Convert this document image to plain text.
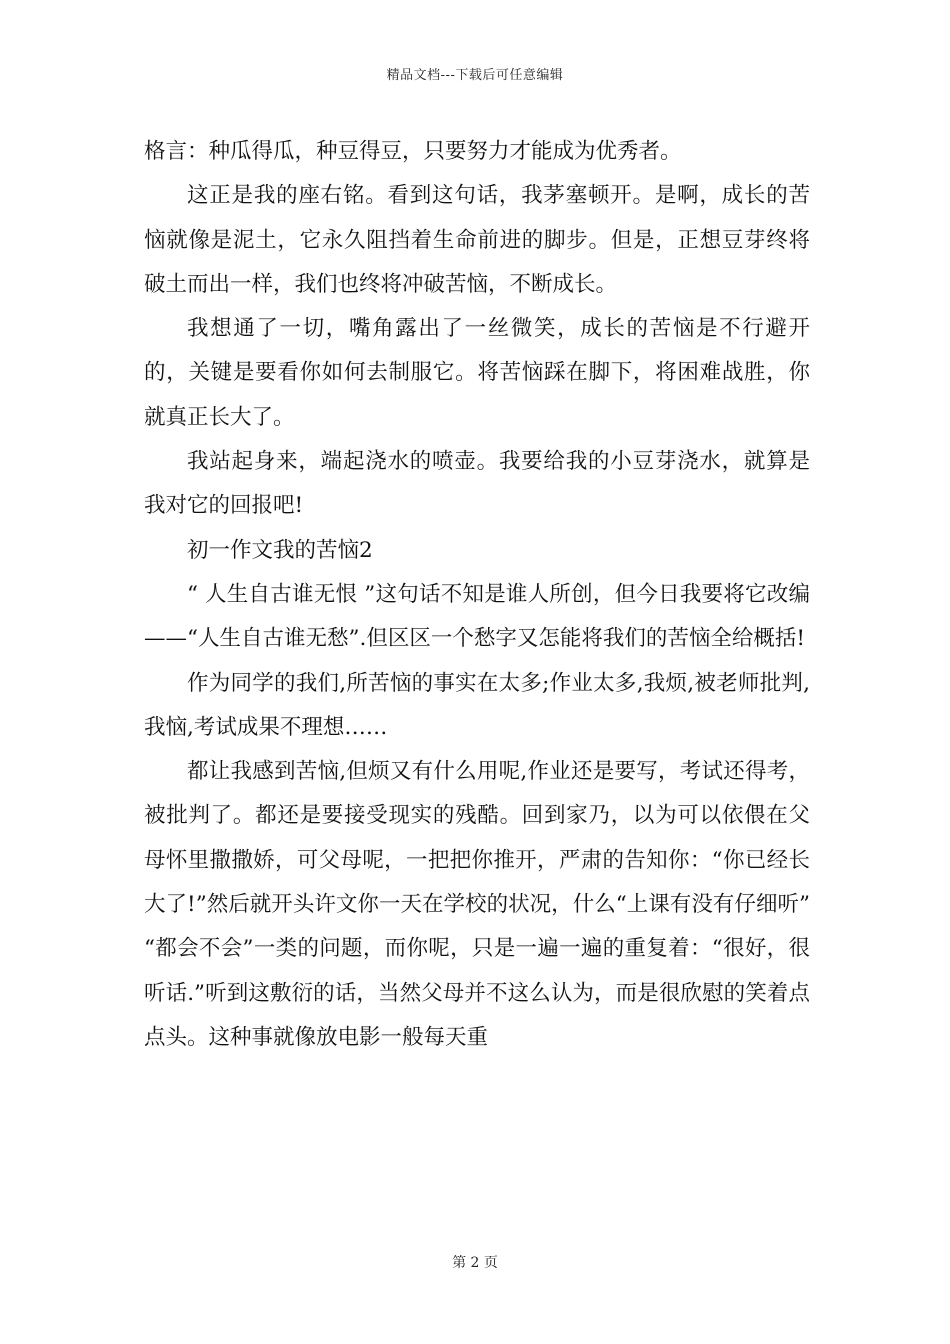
精品文档---下载后可任意编辑

格言：种瓜得瓜，种豆得豆，只要努力才能成为优秀者。

这正是我的座右铭。看到这句话，我茅塞顿开。是啊，成长的苦恼就像是泥土，它永久阻挡着生命前进的脚步。但是，正想豆芽终将破土而出一样，我们也终将冲破苦恼，不断成长。

我想通了一切，嘴角露出了一丝微笑，成长的苦恼是不行避开的，关键是要看你如何去制服它。将苦恼踩在脚下，将困难战胜，你就真正长大了。

我站起身来，端起浇水的喷壶。我要给我的小豆芽浇水，就算是我对它的回报吧!

初一作文我的苦恼2

“ 人生自古谁无恨 ”这句话不知是谁人所创，但今日我要将它改编——“人生自古谁无愁”.但区区一个愁字又怎能将我们的苦恼全给概括!

作为同学的我们,所苦恼的事实在太多;作业太多,我烦,被老师批判,我恼,考试成果不理想……

都让我感到苦恼,但烦又有什么用呢,作业还是要写，考试还得考，被批判了。都还是要接受现实的残酷。回到家乃，以为可以依偎在父母怀里撒撒娇，可父母呢，一把把你推开，严肃的告知你：“你已经长大了!”然后就开头许文你一天在学校的状况，什么“上课有没有仔细听” “都会不会”一类的问题，而你呢，只是一遍一遍的重复着：“很好，很听话.”听到这敷衍的话，当然父母并不这么认为，而是很欣慰的笑着点点头。这种事就像放电影一般每天重

第 2 页
